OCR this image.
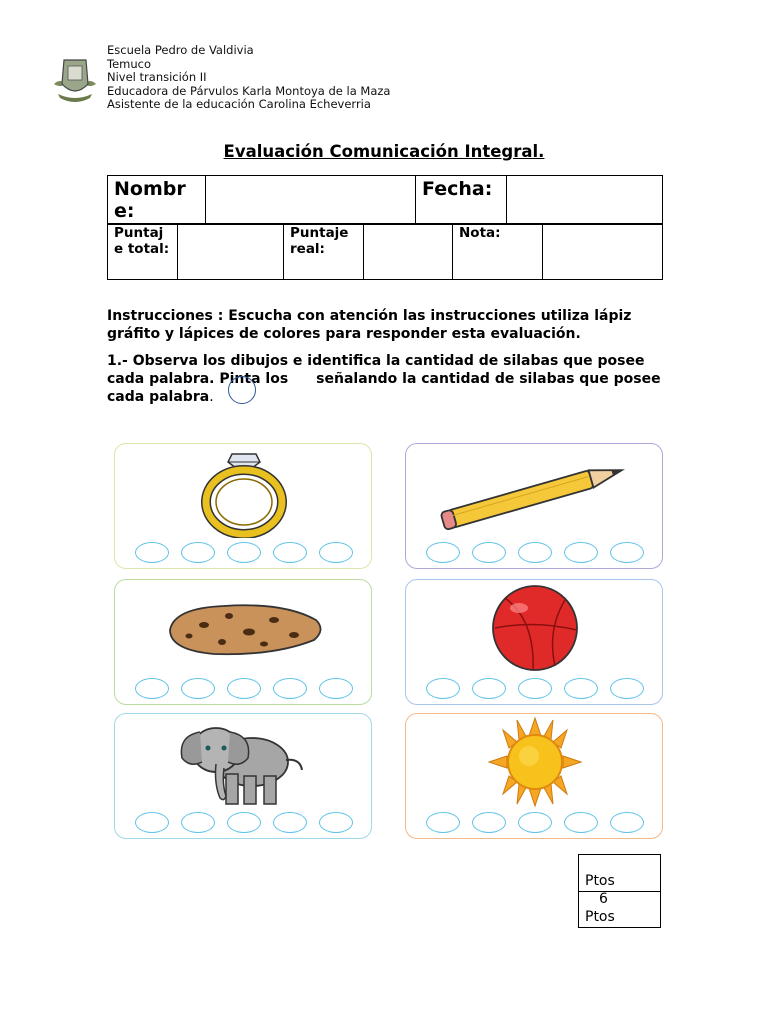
Escuela Pedro de Valdivia
Temuco
Nivel transición II
Educadora de Párvulos Karla Montoya de la Maza
Asistente de la educación Carolina Echeverria
Evaluación Comunicación Integral.
Nombre:		Fecha:	
Puntaje total:		Puntaje real:		Nota:	
Instrucciones : Escucha con atención las instrucciones utiliza lápiz gráfito y lápices de colores para responder esta evaluación.
1.- Observa los dibujos e identifica la cantidad de silabas que posee cada palabra. Pinta los señalando la cantidad de silabas que posee cada palabra.
Ptos
6
Ptos
